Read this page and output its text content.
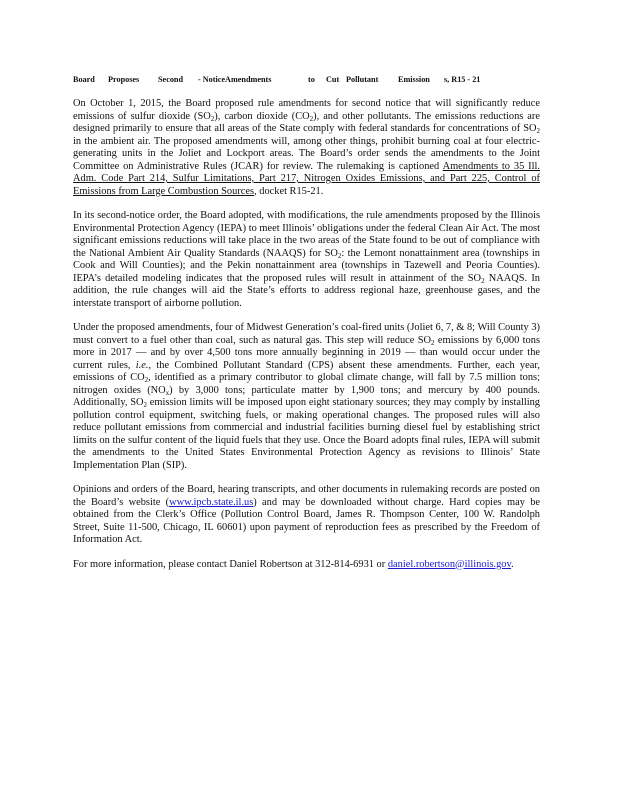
Board	Proposes	Second	- NoticeAmendments	to	Cut Pollutant	Emission	s, R15 - 21

On October 1, 2015, the Board proposed rule amendments for second notice that will significantly reduce emissions of sulfur dioxide $(SO_2)$, carbon dioxide $(CO_2)$, and other pollutants. The emissions reductions are designed primarily to ensure that all areas of the State comply with federal standards for concentrations of $SO_2$ in the ambient air. The proposed amendments will, among other things, prohibit burning coal at four electric-generating units in the Joliet and Lockport areas. The Board’s order sends the amendments to the Joint Committee on Administrative Rules (JCAR) for review. The rulemaking is captioned Amendments to 35 Ill. Adm. Code Part 214, Sulfur Limitations, Part 217, Nitrogen Oxides Emissions, and Part 225, Control of Emissions from Large Combustion Sources, docket R15-21.

In its second-notice order, the Board adopted, with modifications, the rule amendments proposed by the Illinois Environmental Protection Agency (IEPA) to meet Illinois’ obligations under the federal Clean Air Act. The most significant emissions reductions will take place in the two areas of the State found to be out of compliance with the National Ambient Air Quality Standards (NAAQS) for $SO_2$: the Lemont nonattainment area (townships in Cook and Will Counties); and the Pekin nonattainment area (townships in Tazewell and Peoria Counties). IEPA’s detailed modeling indicates that the proposed rules will result in attainment of the $SO_2$ NAAQS. In addition, the rule changes will aid the State’s efforts to address regional haze, greenhouse gases, and the interstate transport of airborne pollution.

Under the proposed amendments, four of Midwest Generation’s coal-fired units (Joliet 6, 7, & 8; Will County 3) must convert to a fuel other than coal, such as natural gas. This step will reduce $SO_2$ emissions by 6,000 tons more in 2017 — and by over 4,500 tons more annually beginning in 2019 — than would occur under the current rules, i.e., the Combined Pollutant Standard (CPS) absent these amendments. Further, each year, emissions of $CO_2$, identified as a primary contributor to global climate change, will fall by 7.5 million tons; nitrogen oxides $(NO_x)$ by 3,000 tons; particulate matter by 1,900 tons; and mercury by 400 pounds. Additionally, $SO_2$ emission limits will be imposed upon eight stationary sources; they may comply by installing pollution control equipment, switching fuels, or making operational changes. The proposed rules will also reduce pollutant emissions from commercial and industrial facilities burning diesel fuel by establishing strict limits on the sulfur content of the liquid fuels that they use. Once the Board adopts final rules, IEPA will submit the amendments to the United States Environmental Protection Agency as revisions to Illinois’ State Implementation Plan (SIP).

Opinions and orders of the Board, hearing transcripts, and other documents in rulemaking records are posted on the Board’s website (www.ipcb.state.il.us) and may be downloaded without charge. Hard copies may be obtained from the Clerk’s Office (Pollution Control Board, James R. Thompson Center, 100 W. Randolph Street, Suite 11-500, Chicago, IL 60601) upon payment of reproduction fees as prescribed by the Freedom of Information Act.

For more information, please contact Daniel Robertson at 312-814-6931 or daniel.robertson@illinois.gov.
